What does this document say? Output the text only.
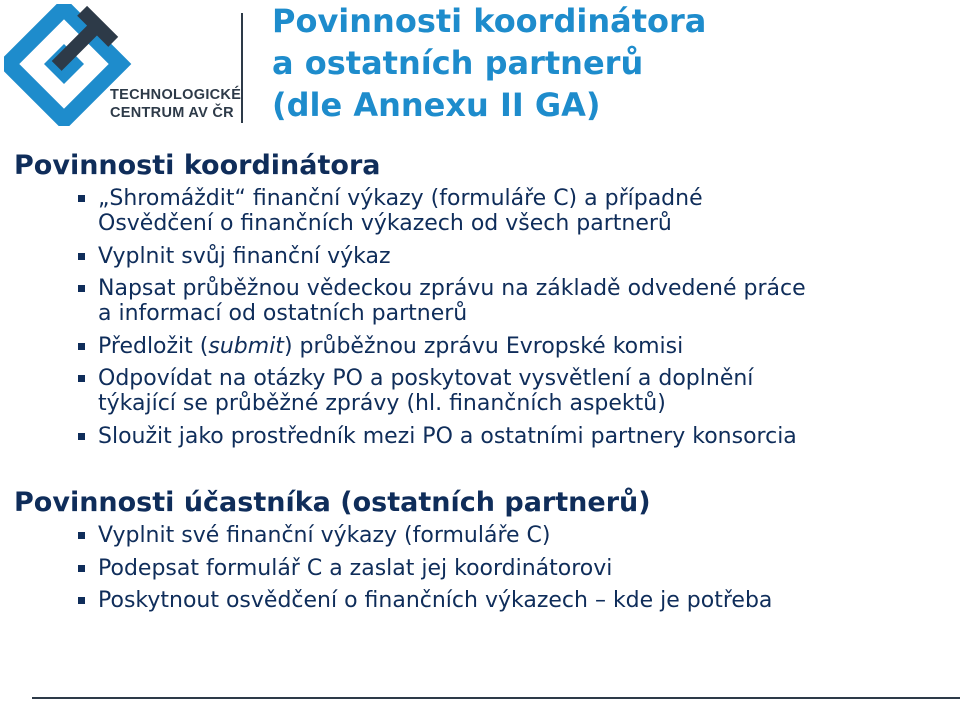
TECHNOLOGICKÉ
CENTRUM AV ČR
Povinnosti koordinátora
a ostatních partnerů
(dle Annexu II GA)
Povinnosti koordinátora
„Shromáždit“ finanční výkazy (formuláře C) a případné
Osvědčení o finančních výkazech od všech partnerů
Vyplnit svůj finanční výkaz
Napsat průběžnou vědeckou zprávu na základě odvedené práce
a informací od ostatních partnerů
Předložit (submit) průběžnou zprávu Evropské komisi
Odpovídat na otázky PO a poskytovat vysvětlení a doplnění
týkající se průběžné zprávy (hl. finančních aspektů)
Sloužit jako prostředník mezi PO a ostatními partnery konsorcia
Povinnosti účastníka (ostatních partnerů)
Vyplnit své finanční výkazy (formuláře C)
Podepsat formulář C a zaslat jej koordinátorovi
Poskytnout osvědčení o finančních výkazech – kde je potřeba
